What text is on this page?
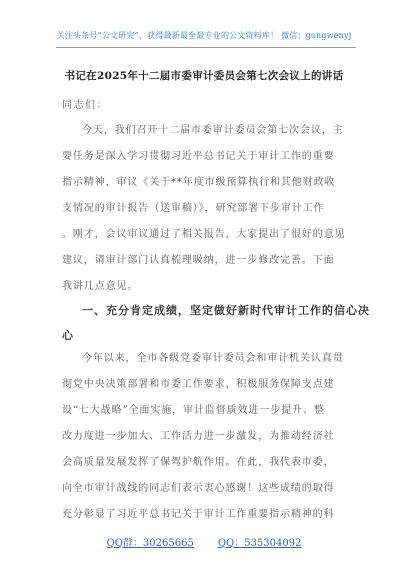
关注头条号“公文研究”，获得最新最全最专业的公文资料库！ 微信：gongwenyj
书记在2025年十二届市委审计委员会第七次会议上的讲话
同志们：
今天，我们召开十二届市委审计委员会第七次会议，主
要任务是深入学习贯彻习近平总书记关于审计工作的重要
指示精神，审议《关于**年度市级预算执行和其他财政收
支情况的审计报告（送审稿）》，研究部署下步审计工作
。刚才，会议审议通过了相关报告，大家提出了很好的意见
建议，请审计部门认真梳理吸纳，进一步修改完善。下面
我讲几点意见。
一、充分肯定成绩，坚定做好新时代审计工作的信心决
心
今年以来，全市各级党委审计委员会和审计机关认真贯
彻党中央决策部署和市委工作要求，积极服务保障支点建
设“七大战略”全面实施，审计监督质效进一步提升、整
改力度进一步加大、工作活力进一步激发，为推动经济社
会高质量发展发挥了保驾护航作用。在此，我代表市委，
向全市审计战线的同志们表示衷心感谢！这些成绩的取得
充分彰显了习近平总书记关于审计工作重要指示精神的科
QQ群：30265665 QQ：535304092
